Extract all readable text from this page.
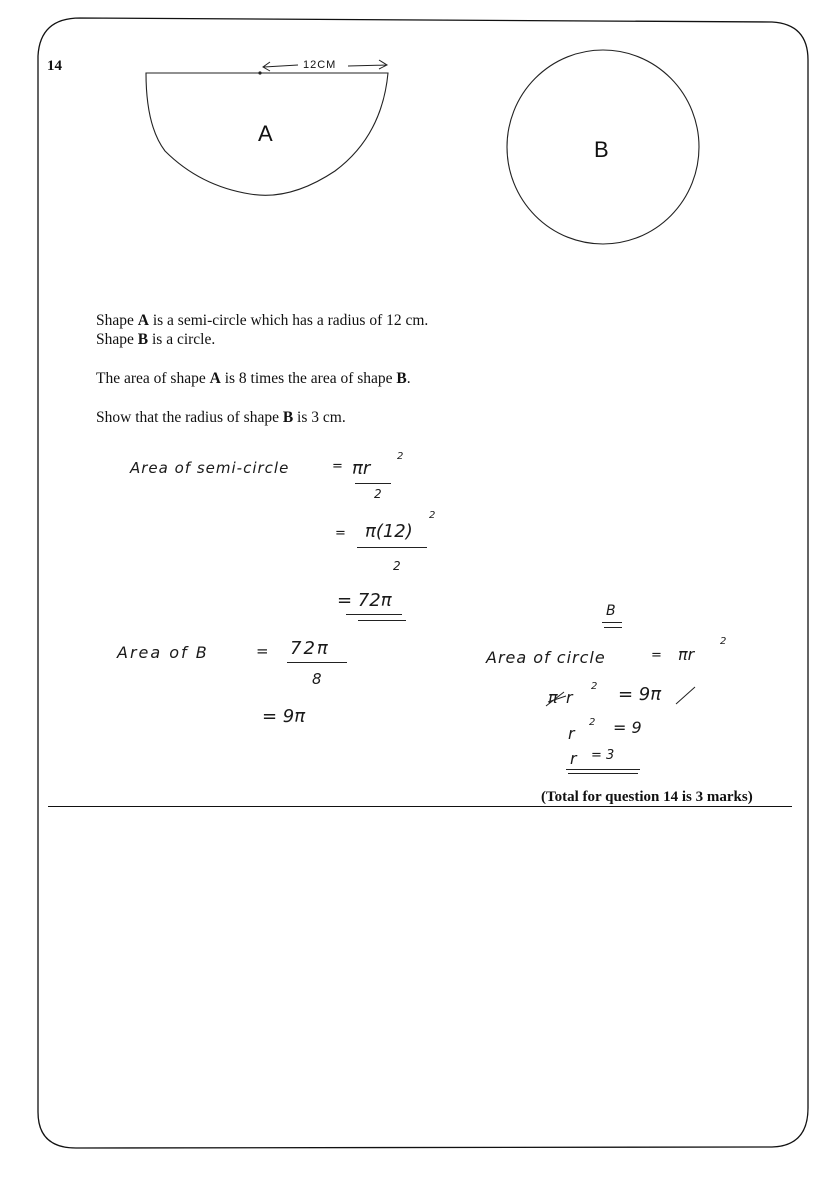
14
A
12CM
B
Shape A is a semi-circle which has a radius of 12 cm.
Shape B is a circle.
The area of shape A is 8 times the area of shape B.
Show that the radius of shape B is 3 cm.
Area of semi-circle	= πr
2
2
= π(12)
2
2
= 72π
Area of B	= 72π
8
= 9π
B
Area of circle	= πr
2
π r
2 = 9π
r
2 = 9
r = 3
(Total for question 14 is 3 marks)
